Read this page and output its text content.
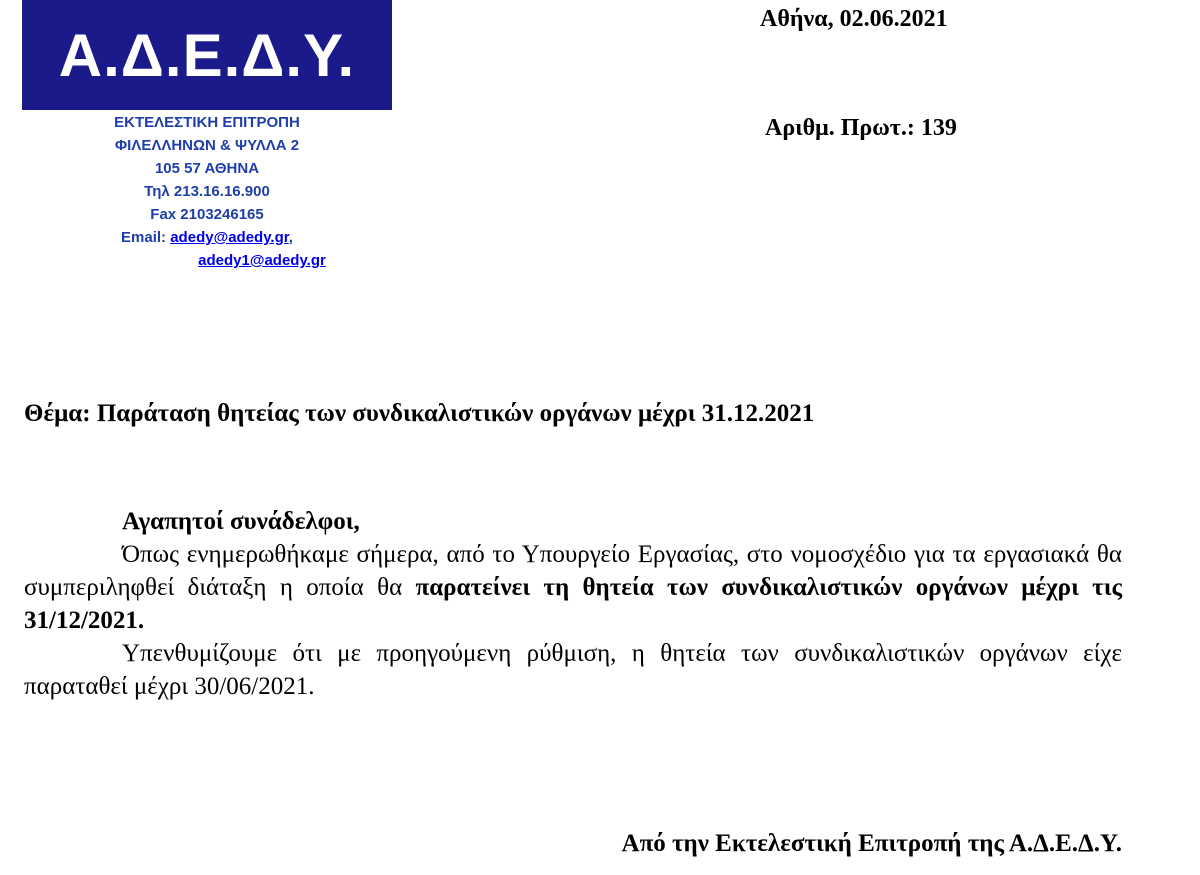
Α.Δ.Ε.Δ.Υ.
ΕΚΤΕΛΕΣΤΙΚΗ ΕΠΙΤΡΟΠΗ
ΦΙΛΕΛΛΗΝΩΝ & ΨΥΛΛΑ 2
105 57 ΑΘΗΝΑ
Τηλ 213.16.16.900
Fax 2103246165
Email: adedy@adedy.gr,
adedy1@adedy.gr
Αθήνα, 02.06.2021
Αριθμ. Πρωτ.: 139
Θέμα: Παράταση θητείας των συνδικαλιστικών οργάνων μέχρι 31.12.2021
Αγαπητοί συνάδελφοι,

Όπως ενημερωθήκαμε σήμερα, από το Υπουργείο Εργασίας, στο νομοσχέδιο για τα εργασιακά θα συμπεριληφθεί διάταξη η οποία θα παρατείνει τη θητεία των συνδικαλιστικών οργάνων μέχρι τις 31/12/2021.

Υπενθυμίζουμε ότι με προηγούμενη ρύθμιση, η θητεία των συνδικαλιστικών οργάνων είχε παραταθεί μέχρι 30/06/2021.

Από την Εκτελεστική Επιτροπή της Α.Δ.Ε.Δ.Υ.
